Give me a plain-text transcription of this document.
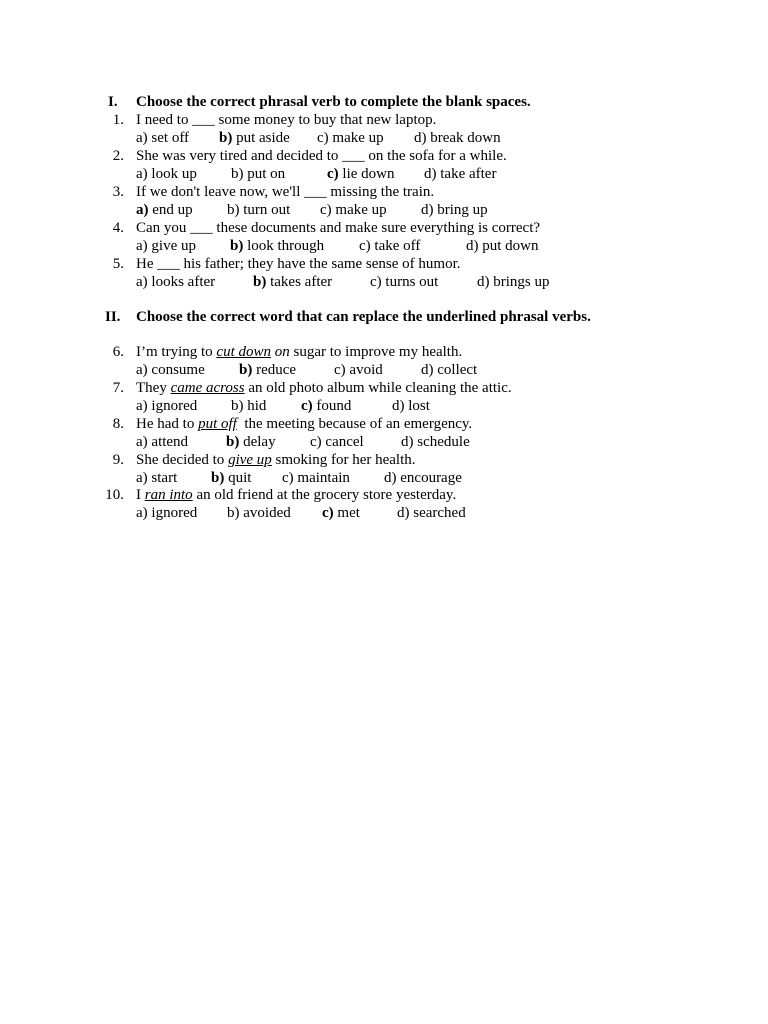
I. Choose the correct phrasal verb to complete the blank spaces.
1. I need to ___ some money to buy that new laptop.
a) set off b) put aside c) make up d) break down
2. She was very tired and decided to ___ on the sofa for a while.
a) look up b) put on	c) lie down d) take after
3. If we don't leave now, we'll ___ missing the train.
a) end up b) turn out c) make up d) bring up
4. Can you ___ these documents and make sure everything is correct?
a) give up b) look through c) take off	d) put down
5. He ___ his father; they have the same sense of humor.
a) looks after	b) takes after	c) turns out	d) brings up
II. Choose the correct word that can replace the underlined phrasal verbs.
6. I’m trying to cut down on sugar to improve my health.
a) consume b) reduce	c) avoid	d) collect
7. They came across an old photo album while cleaning the attic.
a) ignored b) hid c) found	d) lost
8. He had to put off  the meeting because of an emergency.
a) attend	b) delay c) cancel d) schedule
9. She decided to give up smoking for her health.
a) start b) quit c) maintain d) encourage
10. I ran into an old friend at the grocery store yesterday.
a) ignored b) avoided c) met d) searched
